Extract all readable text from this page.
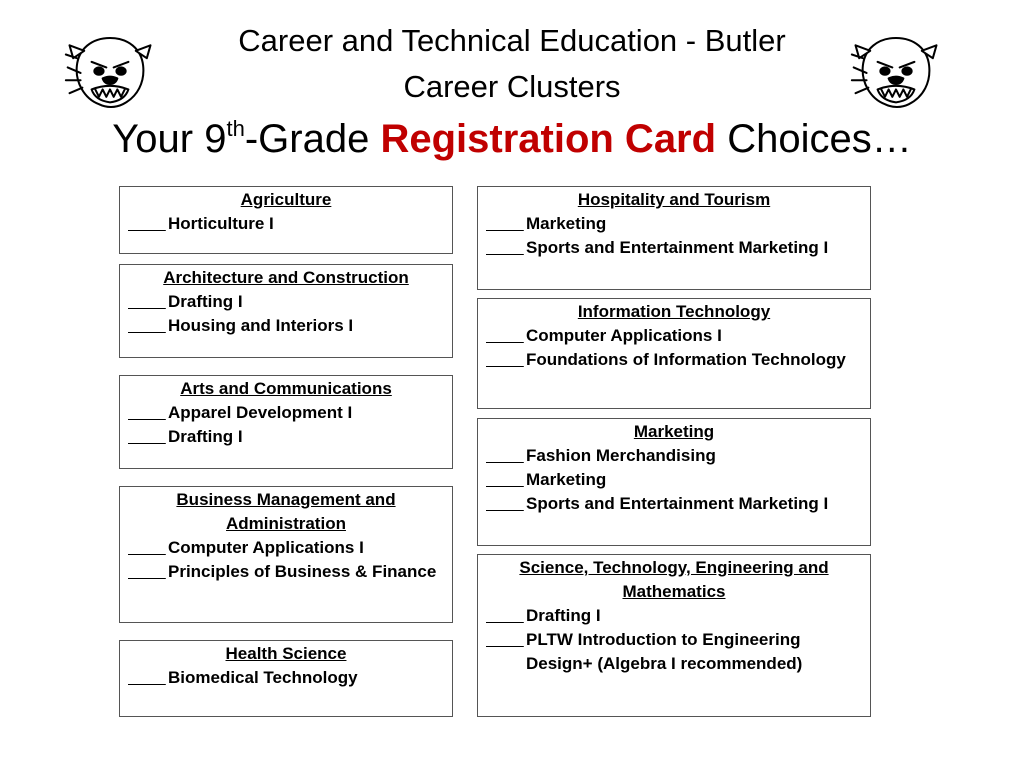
Career and Technical Education - Butler
Career Clusters
Your 9th-Grade Registration Card Choices…
Agriculture
Horticulture I
Architecture and Construction
Drafting I
Housing and Interiors I
Arts and Communications
Apparel Development I
Drafting I
Business Management and Administration
Computer Applications I
Principles of Business & Finance
Health Science
Biomedical Technology
Hospitality and Tourism
Marketing
Sports and Entertainment Marketing I
Information Technology
Computer Applications I
Foundations of Information Technology
Marketing
Fashion Merchandising
Marketing
Sports and Entertainment Marketing I
Science, Technology, Engineering and Mathematics
Drafting I
PLTW Introduction to Engineering Design+ (Algebra I recommended)
